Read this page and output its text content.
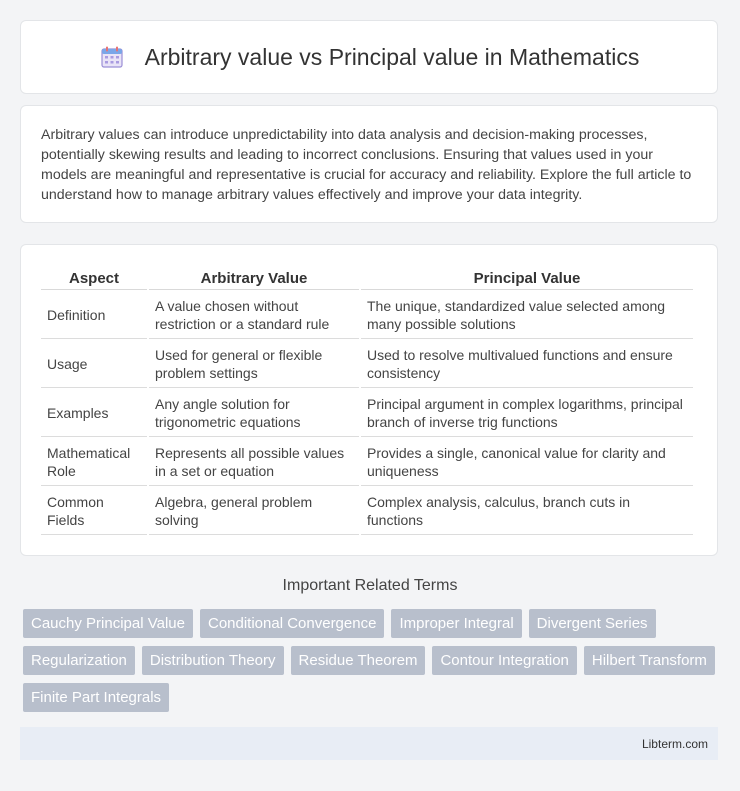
Arbitrary value vs Principal value in Mathematics
Arbitrary values can introduce unpredictability into data analysis and decision-making processes, potentially skewing results and leading to incorrect conclusions. Ensuring that values used in your models are meaningful and representative is crucial for accuracy and reliability. Explore the full article to understand how to manage arbitrary values effectively and improve your data integrity.
Aspect	Arbitrary Value	Principal Value
Definition	A value chosen without restriction or a standard rule	The unique, standardized value selected among many possible solutions
Usage	Used for general or flexible problem settings	Used to resolve multivalued functions and ensure consistency
Examples	Any angle solution for trigonometric equations	Principal argument in complex logarithms, principal branch of inverse trig functions
Mathematical Role	Represents all possible values in a set or equation	Provides a single, canonical value for clarity and uniqueness
Common Fields	Algebra, general problem solving	Complex analysis, calculus, branch cuts in functions
Important Related Terms
Cauchy Principal Value	Conditional Convergence	Improper Integral	Divergent Series
Regularization	Distribution Theory	Residue Theorem	Contour Integration	Hilbert Transform
Finite Part Integrals
Libterm.com
